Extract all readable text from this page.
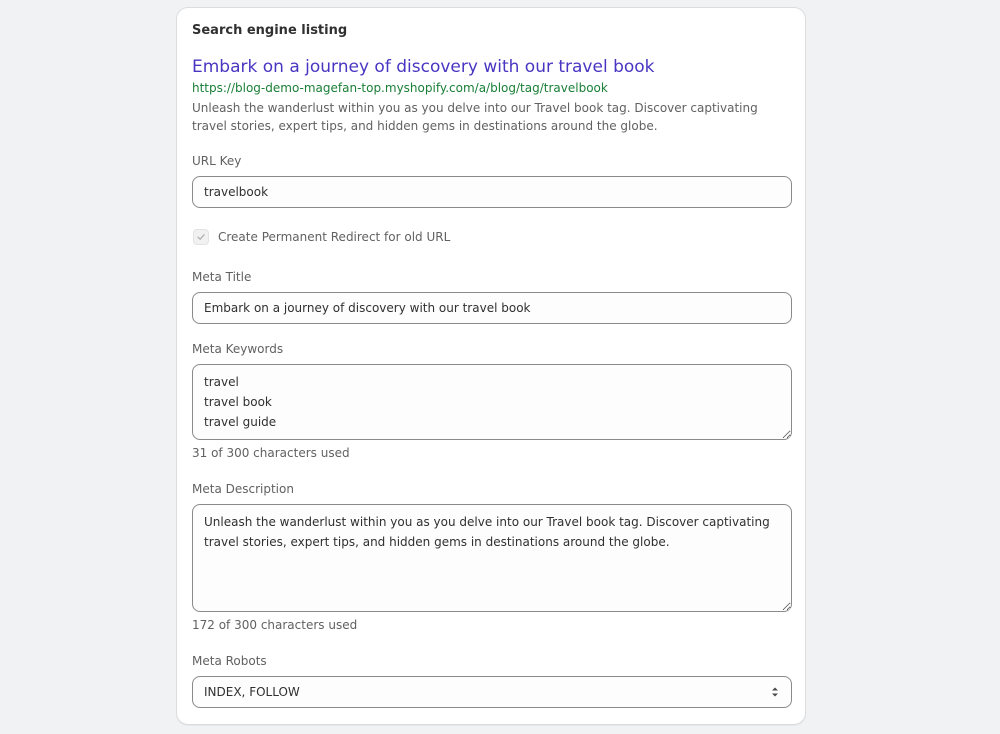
Search engine listing
Embark on a journey of discovery with our travel book
https://blog-demo-magefan-top.myshopify.com/a/blog/tag/travelbook

Unleash the wanderlust within you as you delve into our Travel book tag. Discover captivating travel stories, expert tips, and hidden gems in destinations around the globe.

URL Key
travelbook
Create Permanent Redirect for old URL
Meta Title
Embark on a journey of discovery with our travel book
Meta Keywords
travel travel book travel guide
31 of 300 characters used
Meta Description
Unleash the wanderlust within you as you delve into our Travel book tag. Discover captivating travel stories, expert tips, and hidden gems in destinations around the globe.
172 of 300 characters used
Meta Robots
INDEX, FOLLOW
